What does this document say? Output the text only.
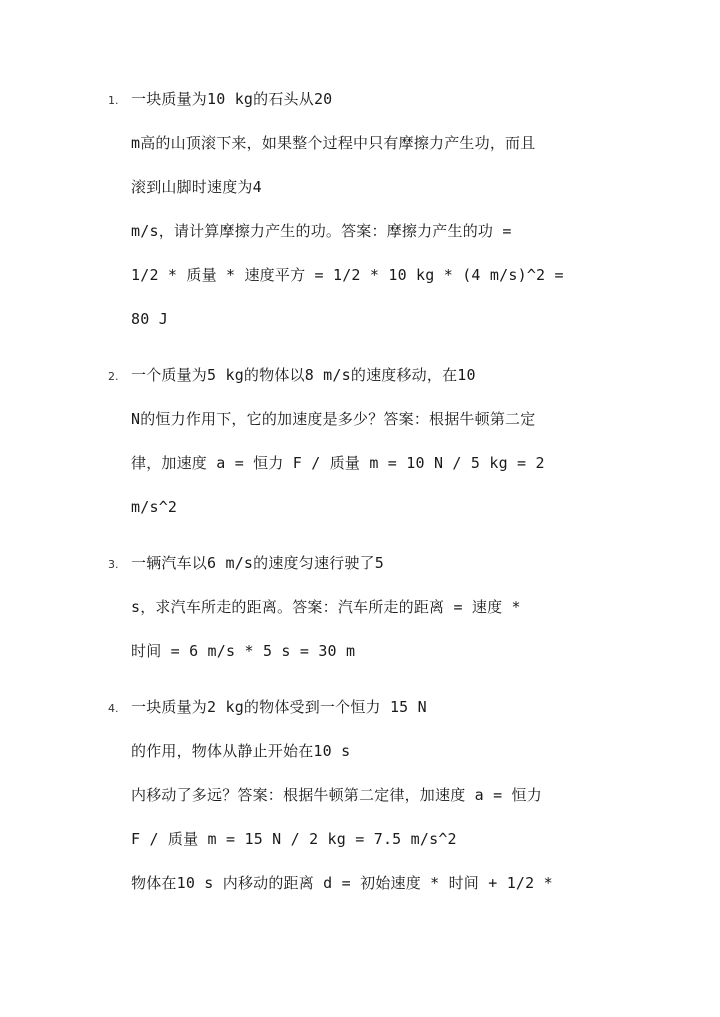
1. 一块质量为10 kg的石头从20
m高的山顶滚下来，如果整个过程中只有摩擦力产生功，而且
滚到山脚时速度为4
m/s，请计算摩擦力产生的功。答案：摩擦力产生的功 =
1/2 * 质量 * 速度平方 = 1/2 * 10 kg * (4 m/s)^2 =
80 J
2. 一个质量为5 kg的物体以8 m/s的速度移动，在10
N的恒力作用下，它的加速度是多少？答案：根据牛顿第二定
律，加速度 a = 恒力 F / 质量 m = 10 N / 5 kg = 2
m/s^2
3. 一辆汽车以6 m/s的速度匀速行驶了5
s，求汽车所走的距离。答案：汽车所走的距离 = 速度 *
时间 = 6 m/s * 5 s = 30 m
4. 一块质量为2 kg的物体受到一个恒力 15 N
的作用，物体从静止开始在10 s
内移动了多远？答案：根据牛顿第二定律，加速度 a = 恒力
F / 质量 m = 15 N / 2 kg = 7.5 m/s^2
物体在10 s 内移动的距离 d = 初始速度 * 时间 + 1/2 *
